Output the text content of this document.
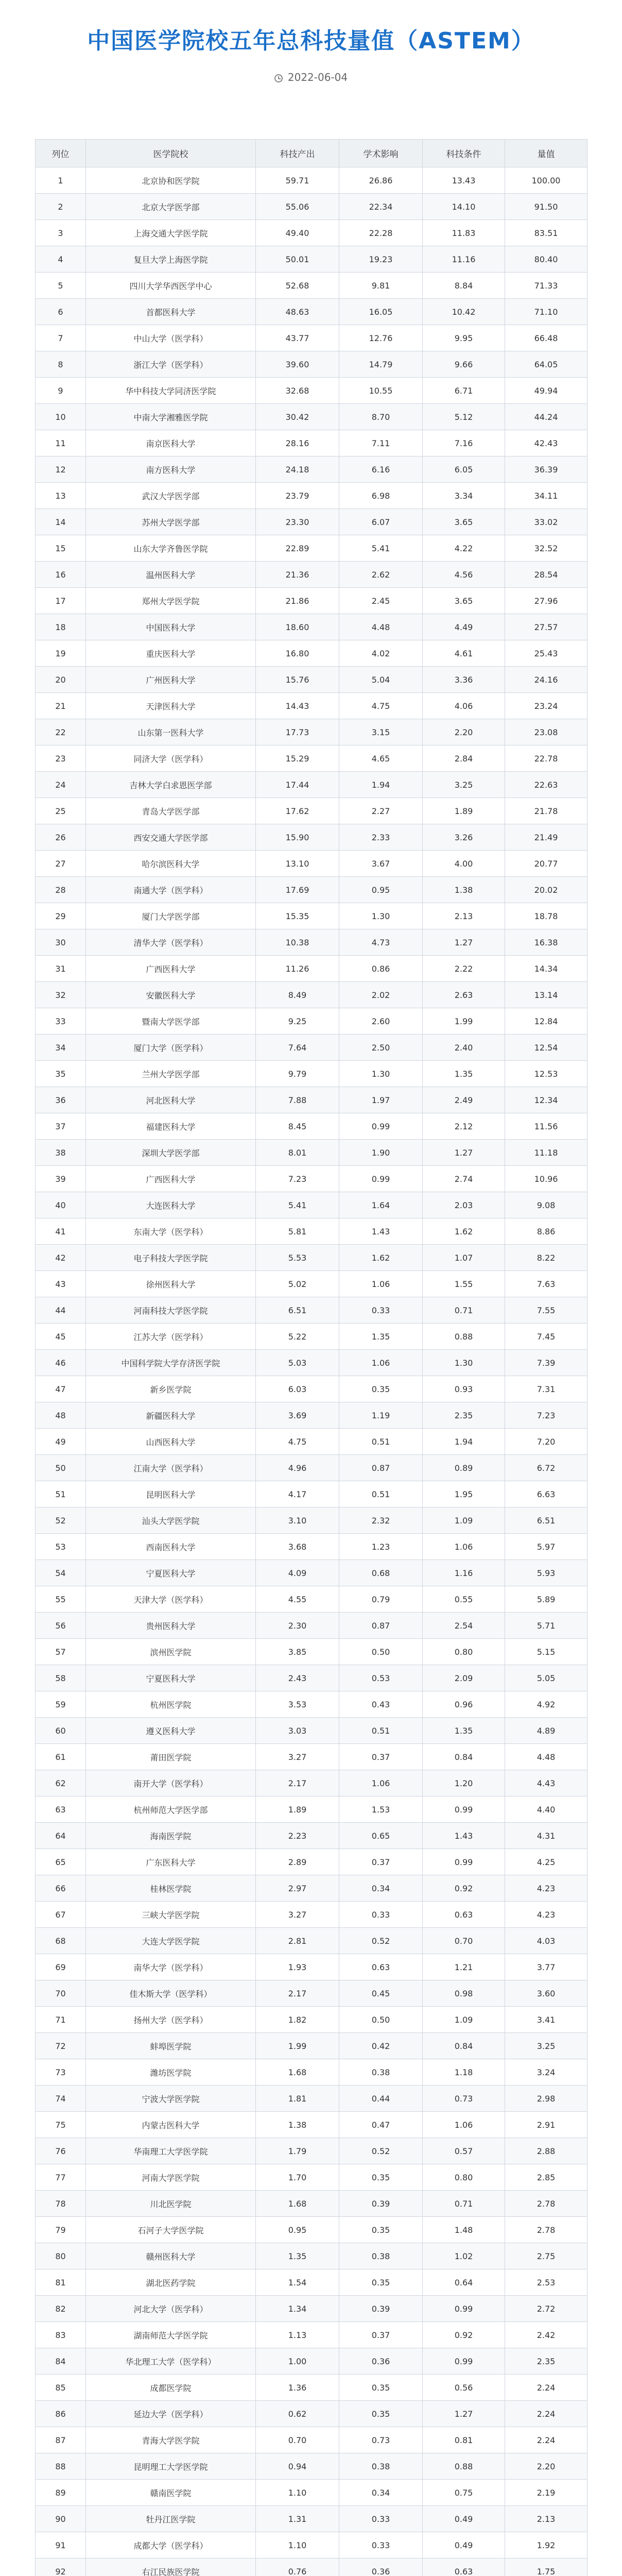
中国医学院校五年总科技量值（ASTEM）
2022-06-04
列位	医学院校	科技产出	学术影响	科技条件	量值
1	北京协和医学院	59.71	26.86	13.43	100.00
2	北京大学医学部	55.06	22.34	14.10	91.50
3	上海交通大学医学院	49.40	22.28	11.83	83.51
4	复旦大学上海医学院	50.01	19.23	11.16	80.40
5	四川大学华西医学中心	52.68	9.81	8.84	71.33
6	首都医科大学	48.63	16.05	10.42	71.10
7	中山大学（医学科）	43.77	12.76	9.95	66.48
8	浙江大学（医学科）	39.60	14.79	9.66	64.05
9	华中科技大学同济医学院	32.68	10.55	6.71	49.94
10	中南大学湘雅医学院	30.42	8.70	5.12	44.24
11	南京医科大学	28.16	7.11	7.16	42.43
12	南方医科大学	24.18	6.16	6.05	36.39
13	武汉大学医学部	23.79	6.98	3.34	34.11
14	苏州大学医学部	23.30	6.07	3.65	33.02
15	山东大学齐鲁医学院	22.89	5.41	4.22	32.52
16	温州医科大学	21.36	2.62	4.56	28.54
17	郑州大学医学院	21.86	2.45	3.65	27.96
18	中国医科大学	18.60	4.48	4.49	27.57
19	重庆医科大学	16.80	4.02	4.61	25.43
20	广州医科大学	15.76	5.04	3.36	24.16
21	天津医科大学	14.43	4.75	4.06	23.24
22	山东第一医科大学	17.73	3.15	2.20	23.08
23	同济大学（医学科）	15.29	4.65	2.84	22.78
24	吉林大学白求恩医学部	17.44	1.94	3.25	22.63
25	青岛大学医学部	17.62	2.27	1.89	21.78
26	西安交通大学医学部	15.90	2.33	3.26	21.49
27	哈尔滨医科大学	13.10	3.67	4.00	20.77
28	南通大学（医学科）	17.69	0.95	1.38	20.02
29	厦门大学医学部	15.35	1.30	2.13	18.78
30	清华大学（医学科）	10.38	4.73	1.27	16.38
31	广西医科大学	11.26	0.86	2.22	14.34
32	安徽医科大学	8.49	2.02	2.63	13.14
33	暨南大学医学部	9.25	2.60	1.99	12.84
34	厦门大学（医学科）	7.64	2.50	2.40	12.54
35	兰州大学医学部	9.79	1.30	1.35	12.53
36	河北医科大学	7.88	1.97	2.49	12.34
37	福建医科大学	8.45	0.99	2.12	11.56
38	深圳大学医学部	8.01	1.90	1.27	11.18
39	广西医科大学	7.23	0.99	2.74	10.96
40	大连医科大学	5.41	1.64	2.03	9.08
41	东南大学（医学科）	5.81	1.43	1.62	8.86
42	电子科技大学医学院	5.53	1.62	1.07	8.22
43	徐州医科大学	5.02	1.06	1.55	7.63
44	河南科技大学医学院	6.51	0.33	0.71	7.55
45	江苏大学（医学科）	5.22	1.35	0.88	7.45
46	中国科学院大学存济医学院	5.03	1.06	1.30	7.39
47	新乡医学院	6.03	0.35	0.93	7.31
48	新疆医科大学	3.69	1.19	2.35	7.23
49	山西医科大学	4.75	0.51	1.94	7.20
50	江南大学（医学科）	4.96	0.87	0.89	6.72
51	昆明医科大学	4.17	0.51	1.95	6.63
52	汕头大学医学院	3.10	2.32	1.09	6.51
53	西南医科大学	3.68	1.23	1.06	5.97
54	宁夏医科大学	4.09	0.68	1.16	5.93
55	天津大学（医学科）	4.55	0.79	0.55	5.89
56	贵州医科大学	2.30	0.87	2.54	5.71
57	滨州医学院	3.85	0.50	0.80	5.15
58	宁夏医科大学	2.43	0.53	2.09	5.05
59	杭州医学院	3.53	0.43	0.96	4.92
60	遵义医科大学	3.03	0.51	1.35	4.89
61	莆田医学院	3.27	0.37	0.84	4.48
62	南开大学（医学科）	2.17	1.06	1.20	4.43
63	杭州师范大学医学部	1.89	1.53	0.99	4.40
64	海南医学院	2.23	0.65	1.43	4.31
65	广东医科大学	2.89	0.37	0.99	4.25
66	桂林医学院	2.97	0.34	0.92	4.23
67	三峡大学医学院	3.27	0.33	0.63	4.23
68	大连大学医学院	2.81	0.52	0.70	4.03
69	南华大学（医学科）	1.93	0.63	1.21	3.77
70	佳木斯大学（医学科）	2.17	0.45	0.98	3.60
71	扬州大学（医学科）	1.82	0.50	1.09	3.41
72	蚌埠医学院	1.99	0.42	0.84	3.25
73	潍坊医学院	1.68	0.38	1.18	3.24
74	宁波大学医学院	1.81	0.44	0.73	2.98
75	内蒙古医科大学	1.38	0.47	1.06	2.91
76	华南理工大学医学院	1.79	0.52	0.57	2.88
77	河南大学医学院	1.70	0.35	0.80	2.85
78	川北医学院	1.68	0.39	0.71	2.78
79	石河子大学医学院	0.95	0.35	1.48	2.78
80	赣州医科大学	1.35	0.38	1.02	2.75
81	湖北医药学院	1.54	0.35	0.64	2.53
82	河北大学（医学科）	1.34	0.39	0.99	2.72
83	湖南师范大学医学院	1.13	0.37	0.92	2.42
84	华北理工大学（医学科）	1.00	0.36	0.99	2.35
85	成都医学院	1.36	0.35	0.56	2.24
86	延边大学（医学科）	0.62	0.35	1.27	2.24
87	青海大学医学院	0.70	0.73	0.81	2.24
88	昆明理工大学医学院	0.94	0.38	0.88	2.20
89	赣南医学院	1.10	0.34	0.75	2.19
90	牡丹江医学院	1.31	0.33	0.49	2.13
91	成都大学（医学科）	1.10	0.33	0.49	1.92
92	右江民族医学院	0.76	0.36	0.63	1.75
